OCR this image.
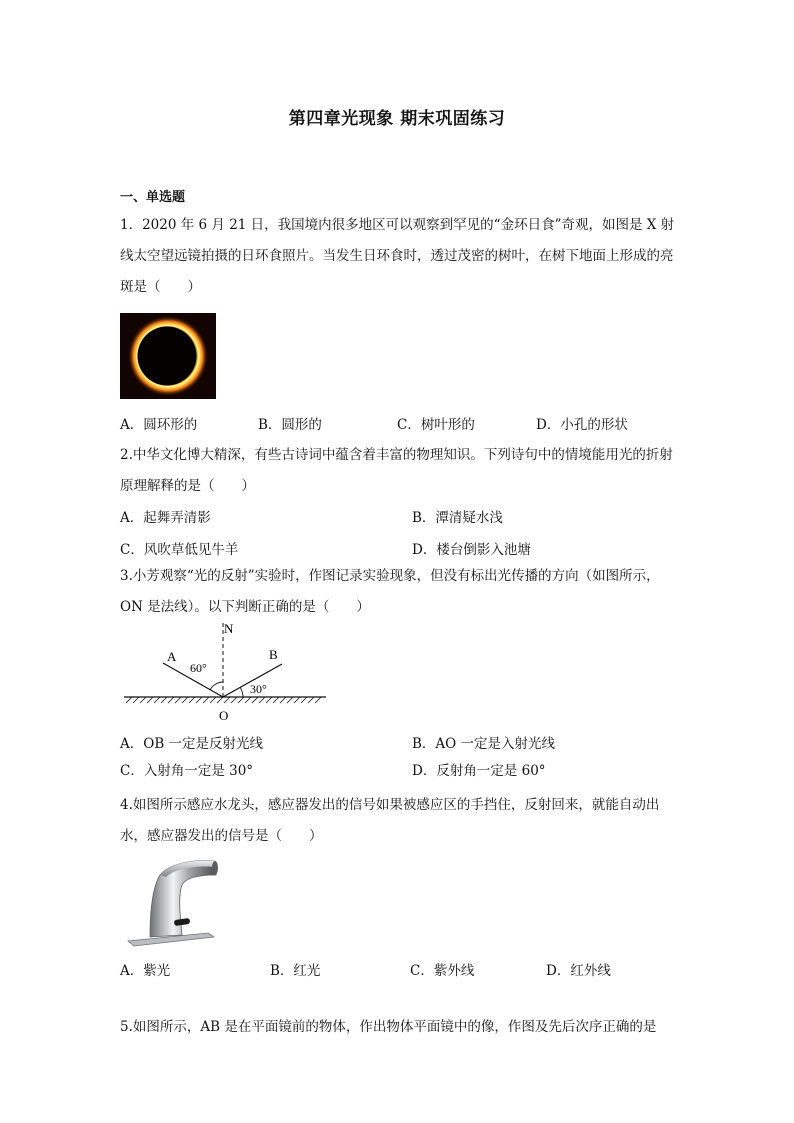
第四章光现象 期末巩固练习
一、单选题
1．2020 年 6 月 21 日，我国境内很多地区可以观察到罕见的“金环日食”奇观，如图是 X 射线太空望远镜拍摄的日环食照片。当发生日环食时，透过茂密的树叶，在树下地面上形成的亮斑是（　　）
A．圆环形的	B．圆形的	C．树叶形的	D．小孔的形状
2.中华文化博大精深，有些古诗词中蕴含着丰富的物理知识。下列诗句中的情境能用光的折射原理解释的是（　　）
A．起舞弄清影	B．潭清疑水浅
C．风吹草低见牛羊	D．楼台倒影入池塘
3.小芳观察“光的反射”实验时，作图记录实验现象，但没有标出光传播的方向（如图所示，ON 是法线）。以下判断正确的是（　　）
N
A	B
O
60°
30°
A．OB 一定是反射光线	B．AO 一定是入射光线
C．入射角一定是 30°	D．反射角一定是 60°
4.如图所示感应水龙头，感应器发出的信号如果被感应区的手挡住，反射回来，就能自动出水，感应器发出的信号是（　　）
A．紫光	B．红光	C．紫外线	D．红外线
5.如图所示，AB 是在平面镜前的物体，作出物体平面镜中的像，作图及先后次序正确的是
